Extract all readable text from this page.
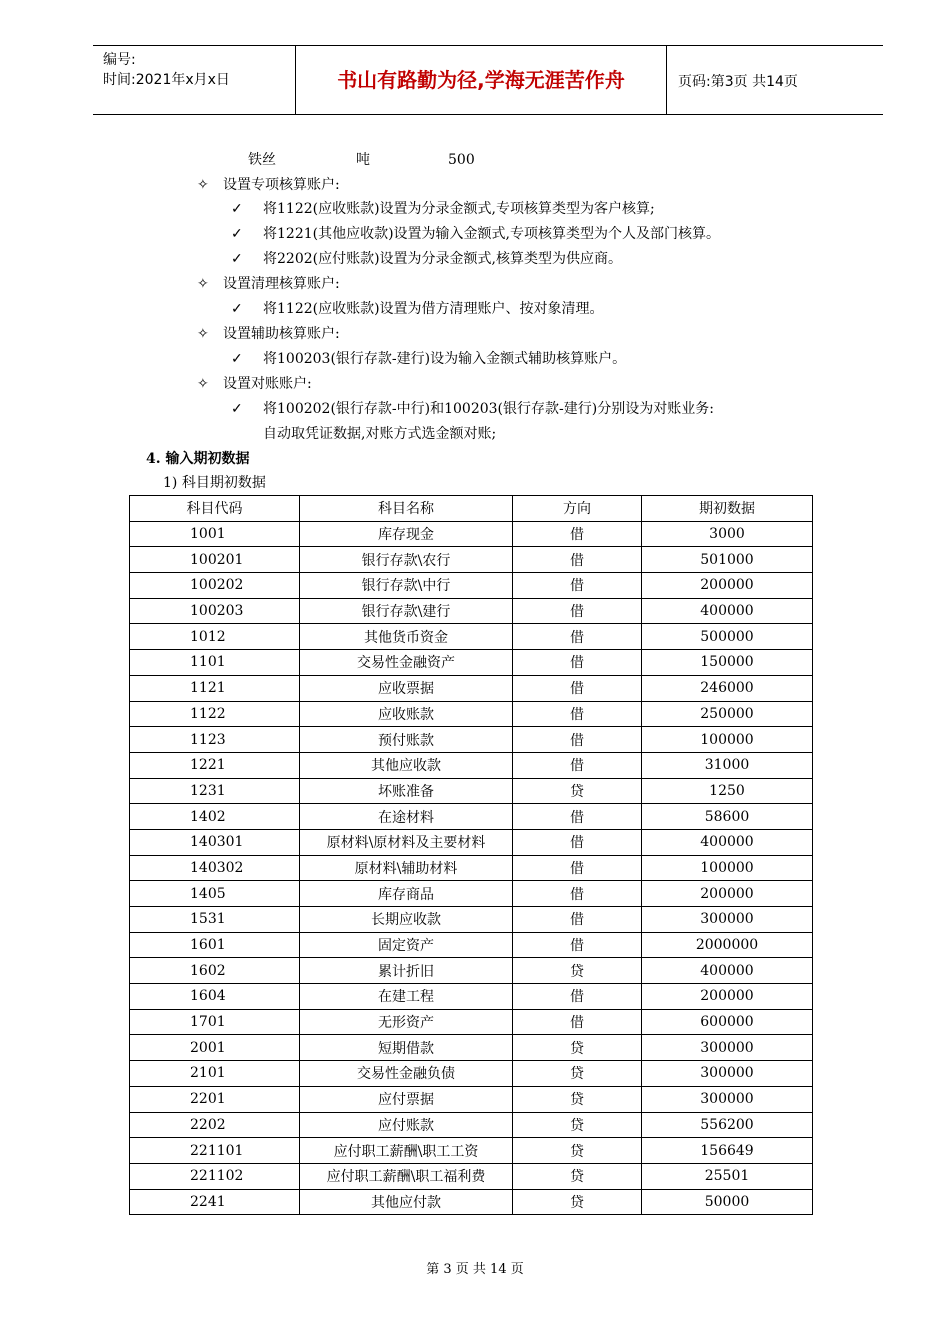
编号:
时间:2021年x月x日	书山有路勤为径,学海无涯苦作舟	页码:第3页 共14页
铁丝	吨	500
✧ 设置专项核算账户:
✓ 将1122(应收账款)设置为分录金额式,专项核算类型为客户核算;
✓ 将1221(其他应收款)设置为输入金额式,专项核算类型为个人及部门核算。
✓ 将2202(应付账款)设置为分录金额式,核算类型为供应商。
✧ 设置清理核算账户:
✓ 将1122(应收账款)设置为借方清理账户、按对象清理。
✧ 设置辅助核算账户:
✓ 将100203(银行存款-建行)设为输入金额式辅助核算账户。
✧ 设置对账账户:
✓ 将100202(银行存款-中行)和100203(银行存款-建行)分别设为对账业务:
自动取凭证数据,对账方式选金额对账;
4. 输入期初数据
1) 科目期初数据
科目代码	科目名称	方向	期初数据
1001	库存现金	借	3000
100201	银行存款\农行	借	501000
100202	银行存款\中行	借	200000
100203	银行存款\建行	借	400000
1012	其他货币资金	借	500000
1101	交易性金融资产	借	150000
1121	应收票据	借	246000
1122	应收账款	借	250000
1123	预付账款	借	100000
1221	其他应收款	借	31000
1231	坏账准备	贷	1250
1402	在途材料	借	58600
140301	原材料\原材料及主要材料	借	400000
140302	原材料\辅助材料	借	100000
1405	库存商品	借	200000
1531	长期应收款	借	300000
1601	固定资产	借	2000000
1602	累计折旧	贷	400000
1604	在建工程	借	200000
1701	无形资产	借	600000
2001	短期借款	贷	300000
2101	交易性金融负债	贷	300000
2201	应付票据	贷	300000
2202	应付账款	贷	556200
221101	应付职工薪酬\职工工资	贷	156649
221102	应付职工薪酬\职工福利费	贷	25501
2241	其他应付款	贷	50000
第 3 页 共 14 页
